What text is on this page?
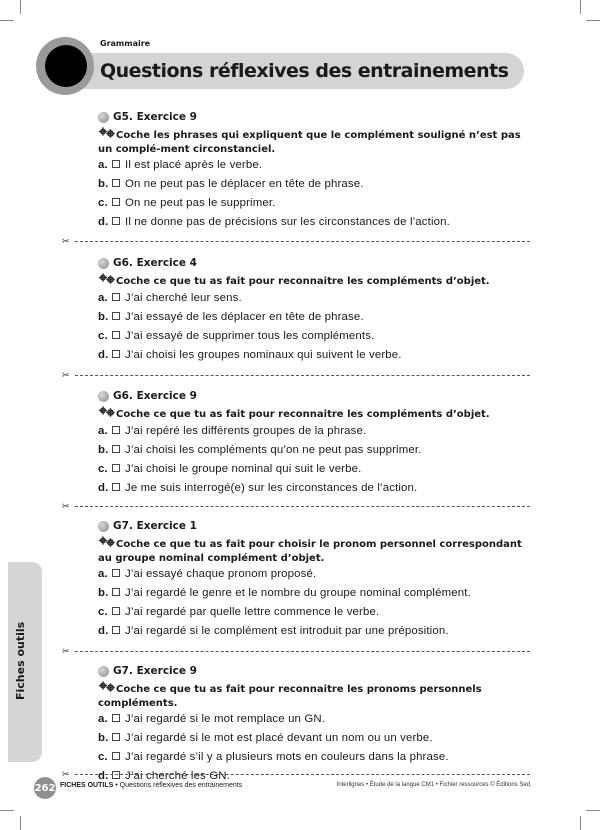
Grammaire
Questions réflexives des entrainements
G5. Exercice 9
Coche les phrases qui expliquent que le complément souligné n’est pas un complé-ment circonstanciel.
a. Il est placé après le verbe.
b. On ne peut pas le déplacer en tête de phrase.
c. On ne peut pas le supprimer.
d. Il ne donne pas de précisions sur les circonstances de l’action.
G6. Exercice 4
Coche ce que tu as fait pour reconnaitre les compléments d’objet.
a. J’ai cherché leur sens.
b. J’ai essayé de les déplacer en tête de phrase.
c. J’ai essayé de supprimer tous les compléments.
d. J’ai choisi les groupes nominaux qui suivent le verbe.
G6. Exercice 9
Coche ce que tu as fait pour reconnaitre les compléments d’objet.
a. J’ai repéré les différents groupes de la phrase.
b. J’ai choisi les compléments qu’on ne peut pas supprimer.
c. J’ai choisi le groupe nominal qui suit le verbe.
d. Je me suis interrogé(e) sur les circonstances de l’action.
G7. Exercice 1
Coche ce que tu as fait pour choisir le pronom personnel correspondant au groupe nominal complément d’objet.
a. J’ai essayé chaque pronom proposé.
b. J’ai regardé le genre et le nombre du groupe nominal complément.
c. J’ai regardé par quelle lettre commence le verbe.
d. J’ai regardé si le complément est introduit par une préposition.
G7. Exercice 9
Coche ce que tu as fait pour reconnaitre les pronoms personnels compléments.
a. J’ai regardé si le mot remplace un GN.
b. J’ai regardé si le mot est placé devant un nom ou un verbe.
c. J’ai regardé s’il y a plusieurs mots en couleurs dans la phrase.
d. J’ai cherché les GN.
✂
✂
✂
✂
✂
Fiches outils
262 FICHES OUTILS • Questions réflexives des entrainements	Interlignes • Étude de la langue CM1 • Fichier ressources © Éditions Sed
